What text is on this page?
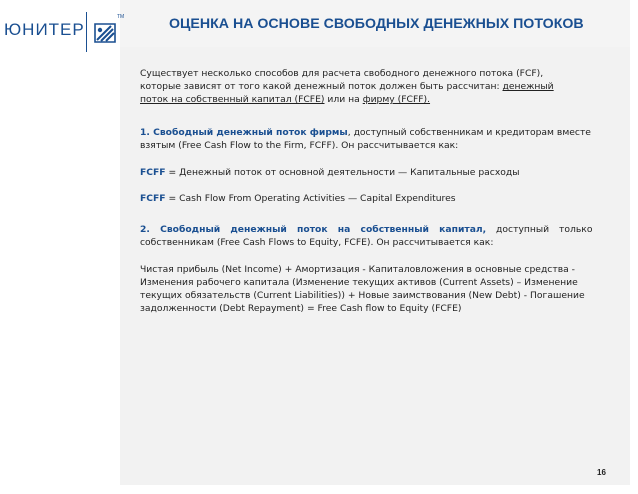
ЮНИТЕР
TM	ОЦЕНКА НА ОСНОВЕ СВОБОДНЫХ ДЕНЕЖНЫХ ПОТОКОВ
Существует несколько способов для расчета свободного денежного потока (FCF),
которые зависят от того какой денежный поток должен быть рассчитан: денежный
поток на собственный капитал (FCFE) или на фирму (FCFF).
1. Свободный денежный поток фирмы, доступный собственникам и кредиторам вместе
взятым (Free Cash Flow to the Firm, FCFF). Он рассчитывается как:
FCFF = Денежный поток от основной деятельности — Капитальные расходы
FCFF = Cash Flow From Operating Activities — Capital Expenditures
2. Свободный денежный поток на собственный капитал, доступный только
собственникам (Free Cash Flows to Equity, FCFE). Он рассчитывается как:
Чистая прибыль (Net Income) + Амортизация - Капиталовложения в основные средства -
Изменения рабочего капитала (Изменение текущих активов (Current Assets) – Изменение
текущих обязательств (Current Liabilities)) + Новые заимствования (New Debt) - Погашение
задолженности (Debt Repayment) = Free Cash flow to Equity (FCFE)
16
